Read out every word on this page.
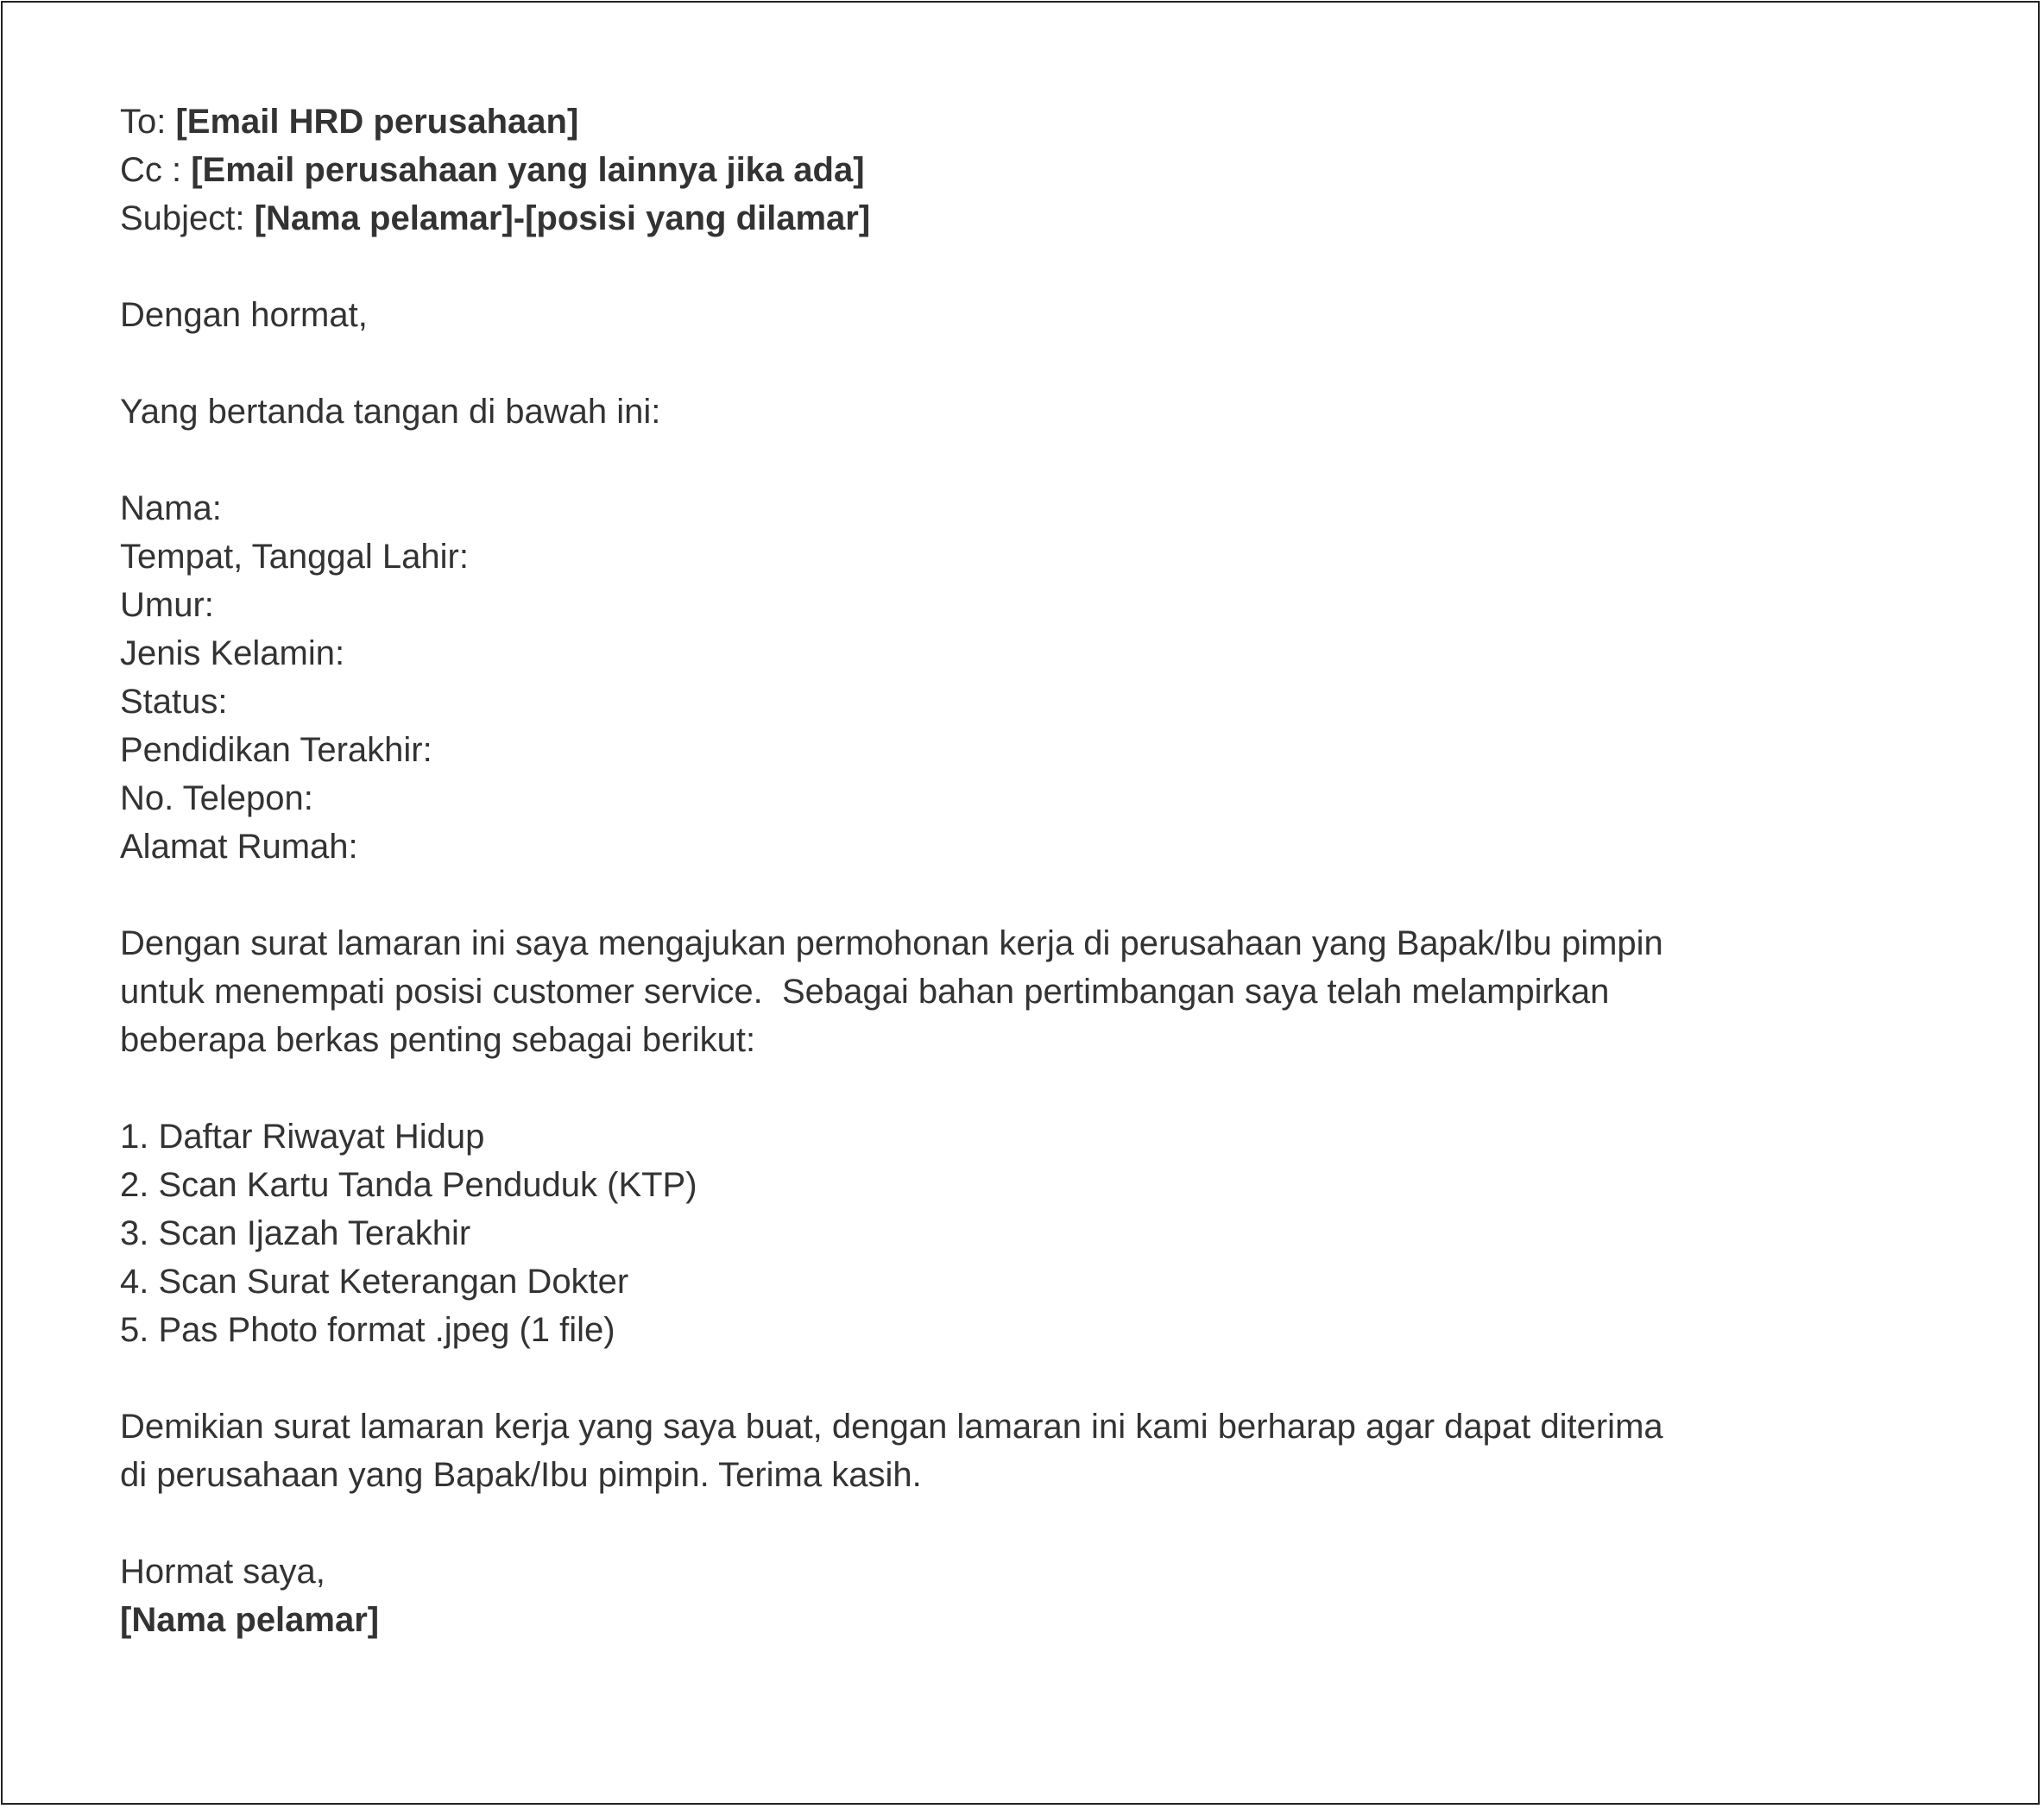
To: [Email HRD perusahaan]

Cc : [Email perusahaan yang lainnya jika ada]

Subject: [Nama pelamar]-[posisi yang dilamar]

Dengan hormat,

Yang bertanda tangan di bawah ini:

Nama:

Tempat, Tanggal Lahir:

Umur:

Jenis Kelamin:

Status:

Pendidikan Terakhir:

No. Telepon:

Alamat Rumah:

Dengan surat lamaran ini saya mengajukan permohonan kerja di perusahaan yang Bapak/Ibu pimpin

untuk menempati posisi customer service.  Sebagai bahan pertimbangan saya telah melampirkan

beberapa berkas penting sebagai berikut:

1. Daftar Riwayat Hidup

2. Scan Kartu Tanda Penduduk (KTP)

3. Scan Ijazah Terakhir

4. Scan Surat Keterangan Dokter

5. Pas Photo format .jpeg (1 file)

Demikian surat lamaran kerja yang saya buat, dengan lamaran ini kami berharap agar dapat diterima

di perusahaan yang Bapak/Ibu pimpin. Terima kasih.

Hormat saya,

[Nama pelamar]
